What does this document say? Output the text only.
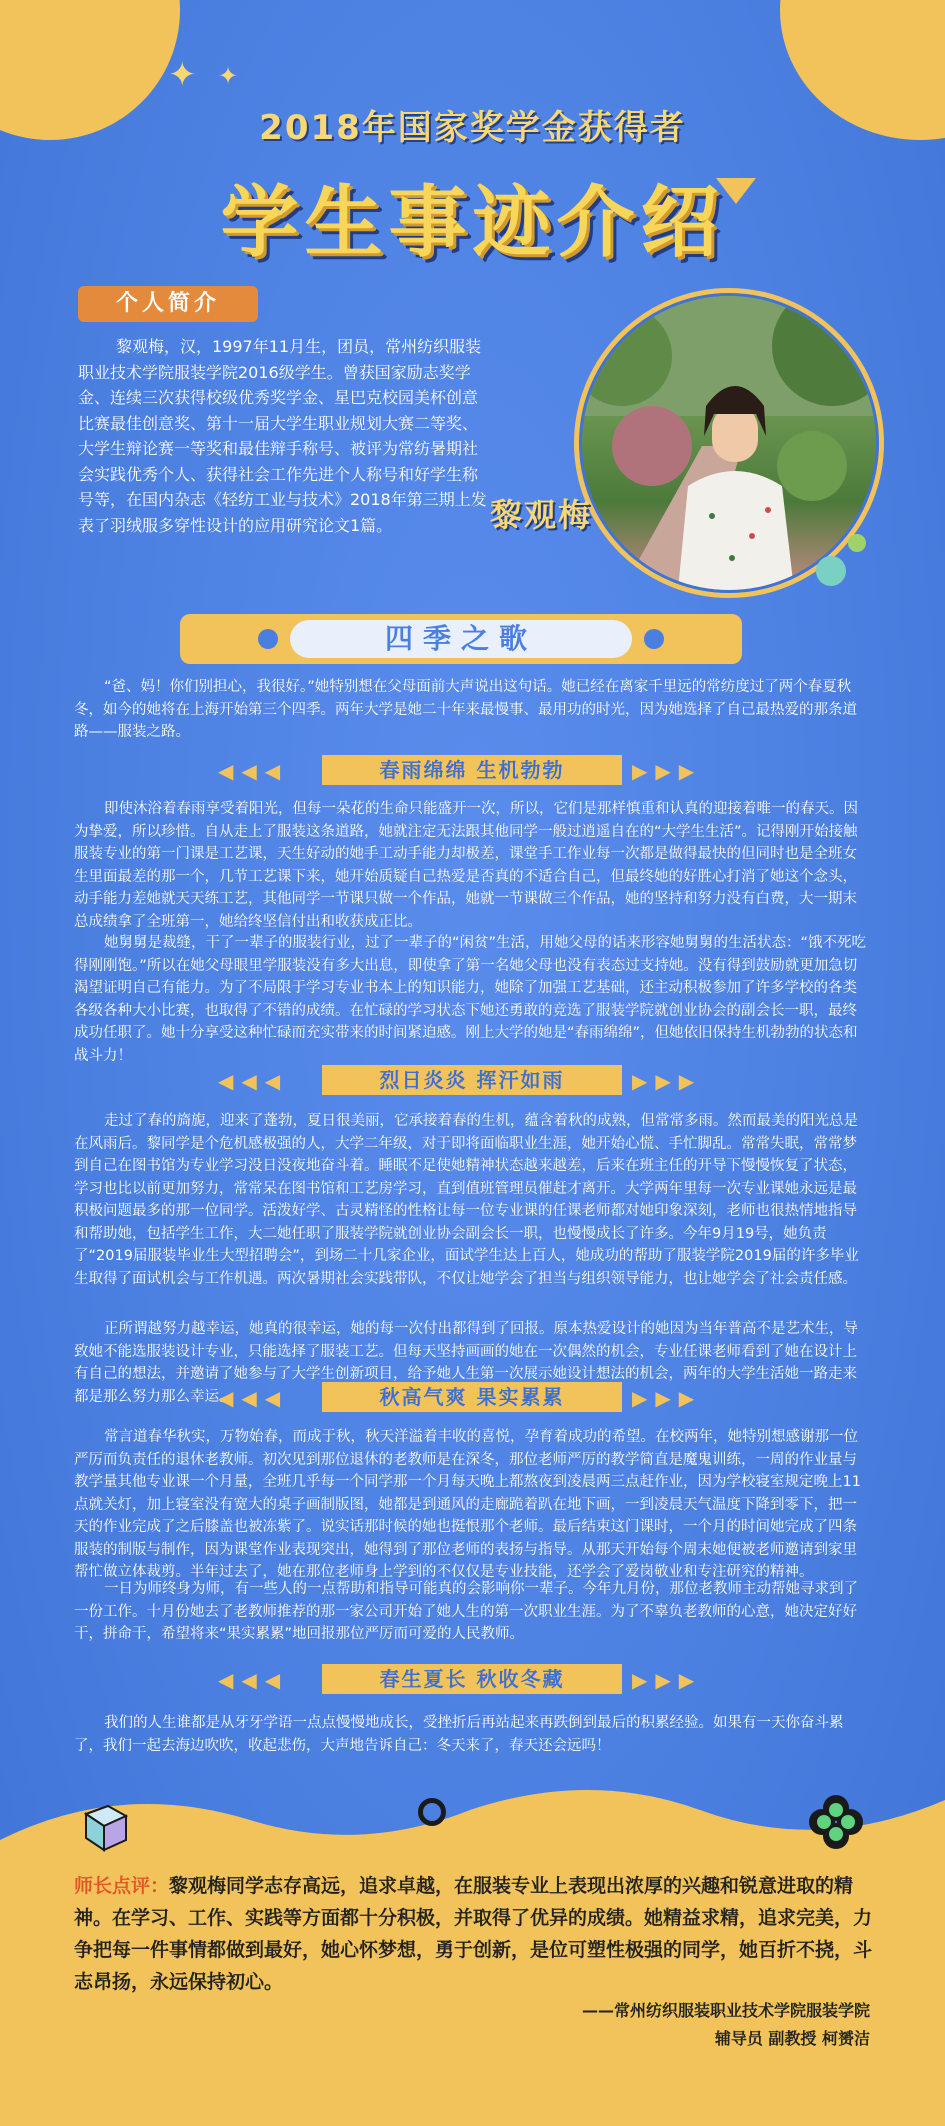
✦ ✦
2018年国家奖学金获得者
学生事迹介绍
个人简介
黎观梅，汉，1997年11月生，团员，常州纺织服装职业技术学院服装学院2016级学生。曾获国家励志奖学金、连续三次获得校级优秀奖学金、星巴克校园美杯创意比赛最佳创意奖、第十一届大学生职业规划大赛二等奖、大学生辩论赛一等奖和最佳辩手称号、被评为常纺暑期社会实践优秀个人、获得社会工作先进个人称号和好学生称号等，在国内杂志《轻纺工业与技术》2018年第三期上发表了羽绒服多穿性设计的应用研究论文1篇。	黎观梅
四季之歌
“爸、妈！你们别担心，我很好。”她特别想在父母面前大声说出这句话。她已经在离家千里远的常纺度过了两个春夏秋冬，如今的她将在上海开始第三个四季。两年大学是她二十年来最慢事、最用功的时光，因为她选择了自己最热爱的那条道路——服装之路。
◀◀◀	春雨绵绵 生机勃勃	▶▶▶
即使沐浴着春雨享受着阳光，但每一朵花的生命只能盛开一次，所以，它们是那样慎重和认真的迎接着唯一的春天。因为挚爱，所以珍惜。自从走上了服装这条道路，她就注定无法跟其他同学一般过逍遥自在的“大学生生活”。记得刚开始接触服装专业的第一门课是工艺课，天生好动的她手工动手能力却极差，课堂手工作业每一次都是做得最快的但同时也是全班女生里面最差的那一个，几节工艺课下来，她开始质疑自己热爱是否真的不适合自己，但最终她的好胜心打消了她这个念头，动手能力差她就天天练工艺，其他同学一节课只做一个作品，她就一节课做三个作品，她的坚持和努力没有白费，大一期末总成绩拿了全班第一，她给终坚信付出和收获成正比。
她舅舅是裁缝，干了一辈子的服装行业，过了一辈子的“闲贫”生活，用她父母的话来形容她舅舅的生活状态：“饿不死吃得刚刚饱。”所以在她父母眼里学服装没有多大出息，即使拿了第一名她父母也没有表态过支持她。没有得到鼓励就更加急切渴望证明自己有能力。为了不局限于学习专业书本上的知识能力，她除了加强工艺基础，还主动积极参加了许多学校的各类各级各种大小比赛，也取得了不错的成绩。在忙碌的学习状态下她还勇敢的竞选了服装学院就创业协会的副会长一职，最终成功任职了。她十分享受这种忙碌而充实带来的时间紧迫感。刚上大学的她是“春雨绵绵”，但她依旧保持生机勃勃的状态和战斗力！
◀◀◀	烈日炎炎 挥汗如雨	▶▶▶
走过了春的旖旎，迎来了蓬勃，夏日很美丽，它承接着春的生机，蕴含着秋的成熟，但常常多雨。然而最美的阳光总是在风雨后。黎同学是个危机感极强的人，大学二年级，对于即将面临职业生涯，她开始心慌、手忙脚乱。常常失眠，常常梦到自己在图书馆为专业学习没日没夜地奋斗着。睡眠不足使她精神状态越来越差，后来在班主任的开导下慢慢恢复了状态，学习也比以前更加努力，常常呆在图书馆和工艺房学习，直到值班管理员催赶才离开。大学两年里每一次专业课她永远是最积极问题最多的那一位同学。活泼好学、古灵精怪的性格让每一位专业课的任课老师都对她印象深刻，老师也很热情地指导和帮助她，包括学生工作，大二她任职了服装学院就创业协会副会长一职，也慢慢成长了许多。今年9月19号，她负责了“2019届服装毕业生大型招聘会”，到场二十几家企业，面试学生达上百人，她成功的帮助了服装学院2019届的许多毕业生取得了面试机会与工作机遇。两次暑期社会实践带队，不仅让她学会了担当与组织领导能力，也让她学会了社会责任感。
正所谓越努力越幸运，她真的很幸运，她的每一次付出都得到了回报。原本热爱设计的她因为当年普高不是艺术生，导致她不能选服装设计专业，只能选择了服装工艺。但每天坚持画画的她在一次偶然的机会，专业任课老师看到了她在设计上有自己的想法，并邀请了她参与了大学生创新项目，给予她人生第一次展示她设计想法的机会，两年的大学生活她一路走来都是那么努力那么幸运。
◀◀◀	秋高气爽 果实累累	▶▶▶
常言道春华秋实，万物始春，而成于秋，秋天洋溢着丰收的喜悦，孕育着成功的希望。在校两年，她特别想感谢那一位严厉而负责任的退休老教师。初次见到那位退休的老教师是在深冬，那位老师严厉的教学简直是魔鬼训练，一周的作业量与教学量其他专业课一个月量，全班几乎每一个同学那一个月每天晚上都熬夜到凌晨两三点赶作业，因为学校寝室规定晚上11点就关灯，加上寝室没有宽大的桌子画制版图，她都是到通风的走廊跪着趴在地下画，一到凌晨天气温度下降到零下，把一天的作业完成了之后膝盖也被冻紫了。说实话那时候的她也挺恨那个老师。最后结束这门课时，一个月的时间她完成了四条服装的制版与制作，因为课堂作业表现突出，她得到了那位老师的表扬与指导。从那天开始每个周末她便被老师邀请到家里帮忙做立体裁剪。半年过去了，她在那位老师身上学到的不仅仅是专业技能，还学会了爱岗敬业和专注研究的精神。
一日为师终身为师，有一些人的一点帮助和指导可能真的会影响你一辈子。今年九月份，那位老教师主动帮她寻求到了一份工作。十月份她去了老教师推荐的那一家公司开始了她人生的第一次职业生涯。为了不辜负老教师的心意，她决定好好干，拼命干，希望将来“果实累累”地回报那位严厉而可爱的人民教师。
◀◀◀	春生夏长 秋收冬藏	▶▶▶
我们的人生谁都是从牙牙学语一点点慢慢地成长，受挫折后再站起来再跌倒到最后的积累经验。如果有一天你奋斗累了，我们一起去海边吹吹，收起悲伤，大声地告诉自己：冬天来了，春天还会远吗！
师长点评：黎观梅同学志存高远，追求卓越，在服装专业上表现出浓厚的兴趣和锐意进取的精神。在学习、工作、实践等方面都十分积极，并取得了优异的成绩。她精益求精，追求完美，力争把每一件事情都做到最好，她心怀梦想，勇于创新，是位可塑性极强的同学，她百折不挠，斗志昂扬，永远保持初心。
——常州纺织服装职业技术学院服装学院
辅导员 副教授 柯赟洁
